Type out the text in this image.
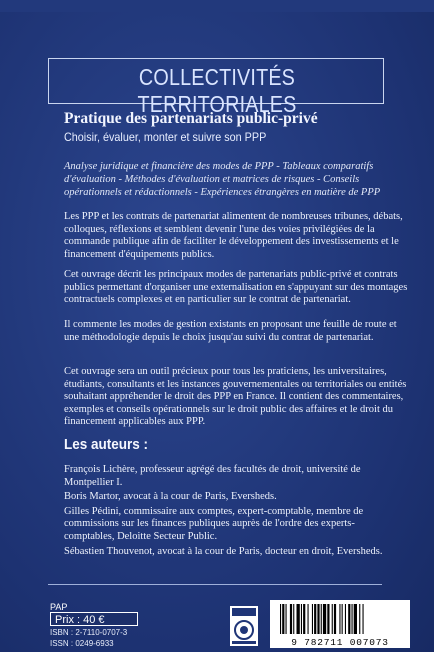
COLLECTIVITÉS TERRITORIALES
Pratique des partenariats public-privé
Choisir, évaluer, monter et suivre son PPP
Analyse juridique et financière des modes de PPP - Tableaux comparatifs d'évaluation - Méthodes d'évaluation et matrices de risques - Conseils opérationnels et rédactionnels - Expériences étrangères en matière de PPP
Les PPP et les contrats de partenariat alimentent de nombreuses tribunes, débats, colloques, réflexions et semblent devenir l'une des voies privilégiées de la commande publique afin de faciliter le développement des investissements et le financement d'équipements publics.
Cet ouvrage décrit les principaux modes de partenariats public-privé et contrats publics permettant d'organiser une externalisation en s'appuyant sur des montages contractuels complexes et en particulier sur le contrat de partenariat.
Il commente les modes de gestion existants en proposant une feuille de route et une méthodologie depuis le choix jusqu'au suivi du contrat de partenariat.
Cet ouvrage sera un outil précieux pour tous les praticiens, les universitaires, étudiants, consultants et les instances gouvernementales ou territoriales ou entités souhaitant appréhender le droit des PPP en France. Il contient des commentaires, exemples et conseils opérationnels sur le droit public des affaires et le droit du financement applicables aux PPP.
Les auteurs :

François Lichère, professeur agrégé des facultés de droit, université de Montpellier I.

Boris Martor, avocat à la cour de Paris, Eversheds.

Gilles Pédini, commissaire aux comptes, expert-comptable, membre de commissions sur les finances publiques auprès de l'ordre des experts-comptables, Deloitte Secteur Public.

Sébastien Thouvenot, avocat à la cour de Paris, docteur en droit, Eversheds.

PAP
Prix : 40 €
ISBN : 2-7110-0707-3
ISSN : 0249-6933	9 782711 007073
